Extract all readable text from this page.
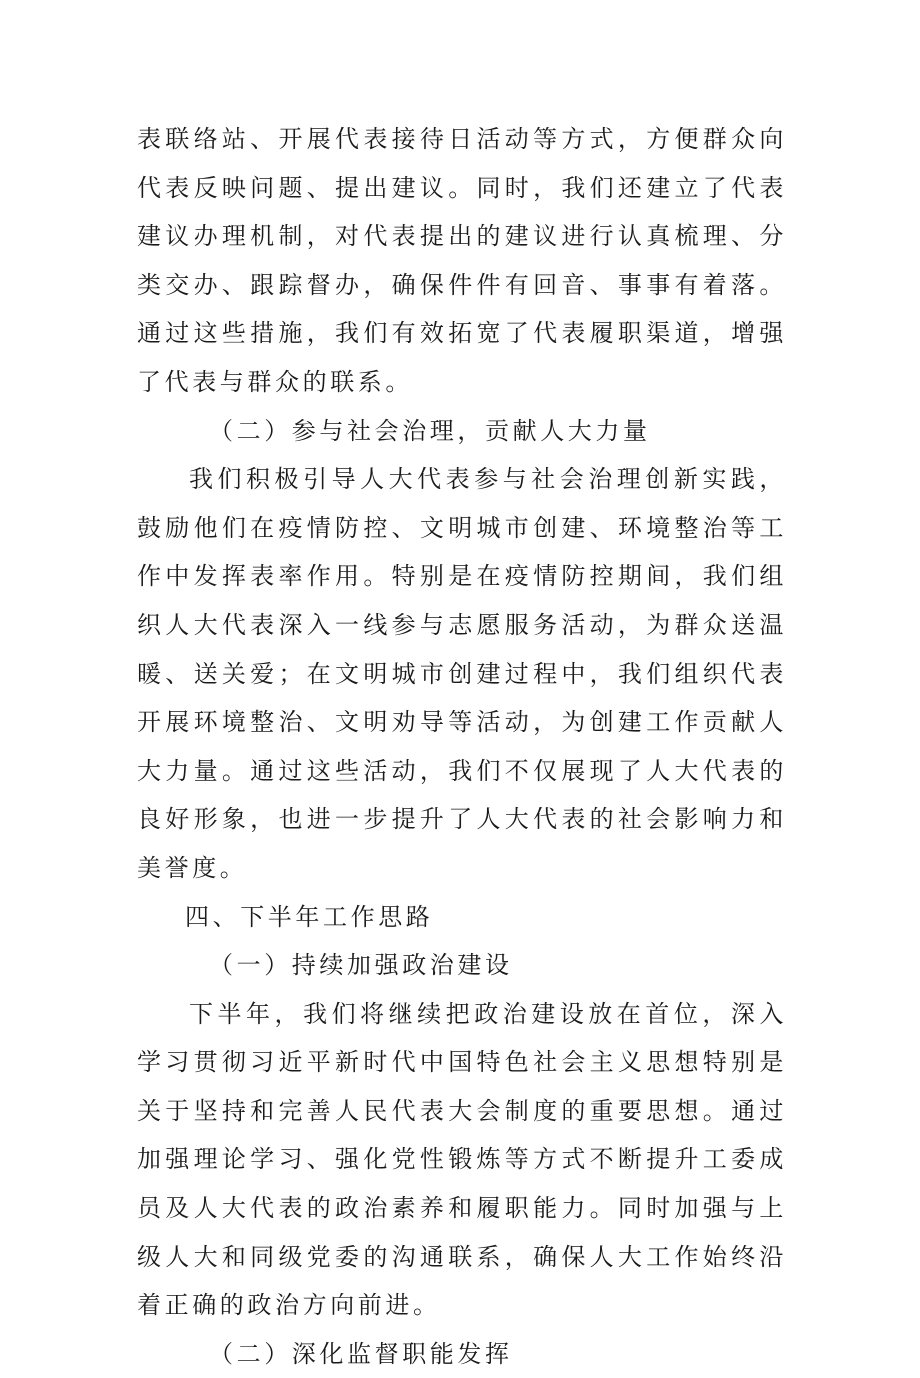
表联络站、开展代表接待日活动等方式，方便群众向代表反映问题、提出建议。同时，我们还建立了代表建议办理机制，对代表提出的建议进行认真梳理、分类交办、跟踪督办，确保件件有回音、事事有着落。通过这些措施，我们有效拓宽了代表履职渠道，增强了代表与群众的联系。

（二）参与社会治理，贡献人大力量

我们积极引导人大代表参与社会治理创新实践，鼓励他们在疫情防控、文明城市创建、环境整治等工作中发挥表率作用。特别是在疫情防控期间，我们组织人大代表深入一线参与志愿服务活动，为群众送温暖、送关爱；在文明城市创建过程中，我们组织代表开展环境整治、文明劝导等活动，为创建工作贡献人大力量。通过这些活动，我们不仅展现了人大代表的良好形象，也进一步提升了人大代表的社会影响力和美誉度。

四、下半年工作思路

（一）持续加强政治建设

下半年，我们将继续把政治建设放在首位，深入学习贯彻习近平新时代中国特色社会主义思想特别是关于坚持和完善人民代表大会制度的重要思想。通过加强理论学习、强化党性锻炼等方式不断提升工委成员及人大代表的政治素养和履职能力。同时加强与上级人大和同级党委的沟通联系，确保人大工作始终沿着正确的政治方向前进。

（二）深化监督职能发挥
